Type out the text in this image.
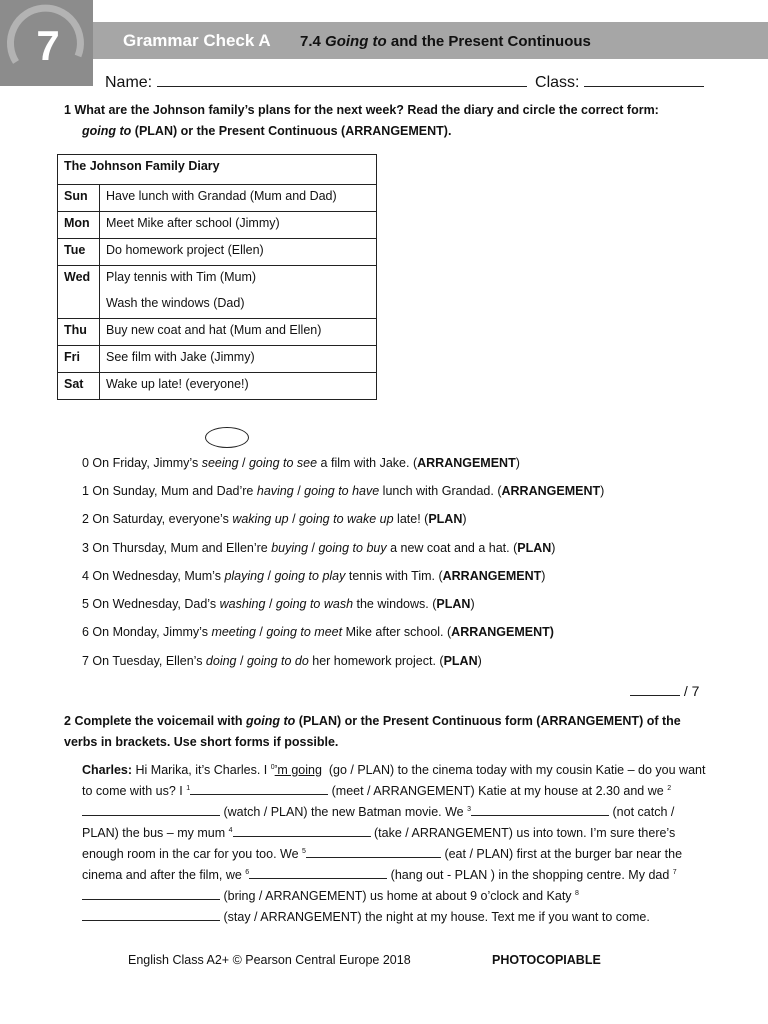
7	Grammar Check A 7.4 Going to and the Present Continuous
Name:	Class:
1 What are the Johnson family’s plans for the next week? Read the diary and circle the correct form:
going to (PLAN) or the Present Continuous (ARRANGEMENT).
The Johnson Family Diary	
Sun	Have lunch with Grandad (Mum and Dad)
Mon	Meet Mike after school (Jimmy)
Tue	Do homework project (Ellen)
Wed	Play tennis with Tim (Mum)
Wash the windows (Dad)

Thu	Buy new coat and hat (Mum and Ellen)
Fri	See film with Jake (Jimmy)
Sat	Wake up late! (everyone!)
0 On Friday, Jimmy’s seeing / going to see a film with Jake. (ARRANGEMENT)
1 On Sunday, Mum and Dad’re having / going to have lunch with Grandad. (ARRANGEMENT)
2 On Saturday, everyone’s waking up / going to wake up late! (PLAN)
3 On Thursday, Mum and Ellen’re buying / going to buy a new coat and a hat. (PLAN)
4 On Wednesday, Mum’s playing / going to play tennis with Tim. (ARRANGEMENT)
5 On Wednesday, Dad’s washing / going to wash the windows. (PLAN)
6 On Monday, Jimmy’s meeting / going to meet Mike after school. (ARRANGEMENT)
7 On Tuesday, Ellen’s doing / going to do her homework project. (PLAN)
/ 7
2 Complete the voicemail with going to (PLAN) or the Present Continuous form (ARRANGEMENT) of the
verbs in brackets. Use short forms if possible.
Charles: Hi Marika, it’s Charles. I $^0$’m going (go / PLAN) to the cinema today with my cousin Katie – do you want to come with us? I $^1$	(meet / ARRANGEMENT) Katie at my house at 2.30 and we $^2$ (watch / PLAN) the new Batman movie. We $^3$	(not catch / PLAN) the bus – my mum $^4$	(take / ARRANGEMENT) us into town. I’m sure there’s enough room in the car for you too. We $^5$	(eat / PLAN) first at the burger bar near the cinema and after the film, we $^6$	(hang out - PLAN ) in the shopping centre. My dad $^7$ (bring / ARRANGEMENT) us home at about 9 o’clock and Katy $^8$ (stay / ARRANGEMENT) the night at my house. Text me if you want to come.
English Class A2+ © Pearson Central Europe 2018	PHOTOCOPIABLE
